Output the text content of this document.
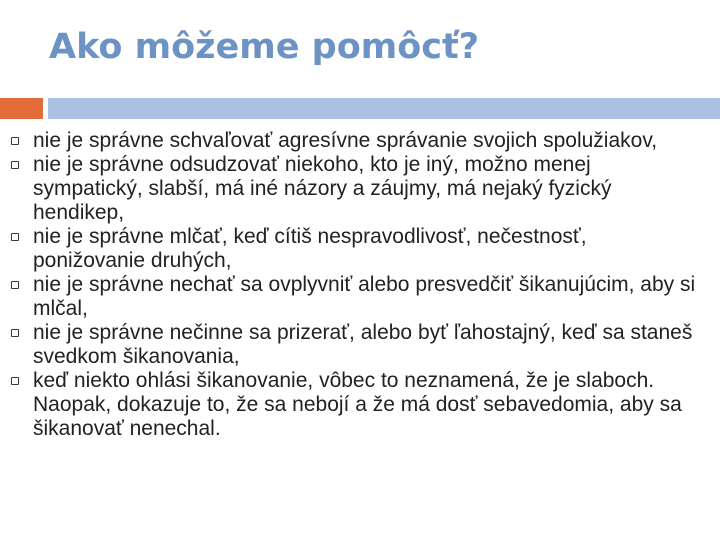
Ako môžeme pomôcť?
nie je správne schvaľovať agresívne správanie svojich spolužiakov,
nie je správne odsudzovať niekoho, kto je iný, možno menej sympatický, slabší, má iné názory a záujmy, má nejaký fyzický hendikep,
nie je správne mlčať, keď cítiš nespravodlivosť, nečestnosť, ponižovanie druhých,
nie je správne nechať sa ovplyvniť alebo presvedčiť šikanujúcim, aby si mlčal,
nie je správne nečinne sa prizerať, alebo byť ľahostajný, keď sa staneš svedkom šikanovania,
keď niekto ohlási šikanovanie, vôbec to neznamená, že je slaboch. Naopak, dokazuje to, že sa nebojí a že má dosť sebavedomia, aby sa šikanovať nenechal.
